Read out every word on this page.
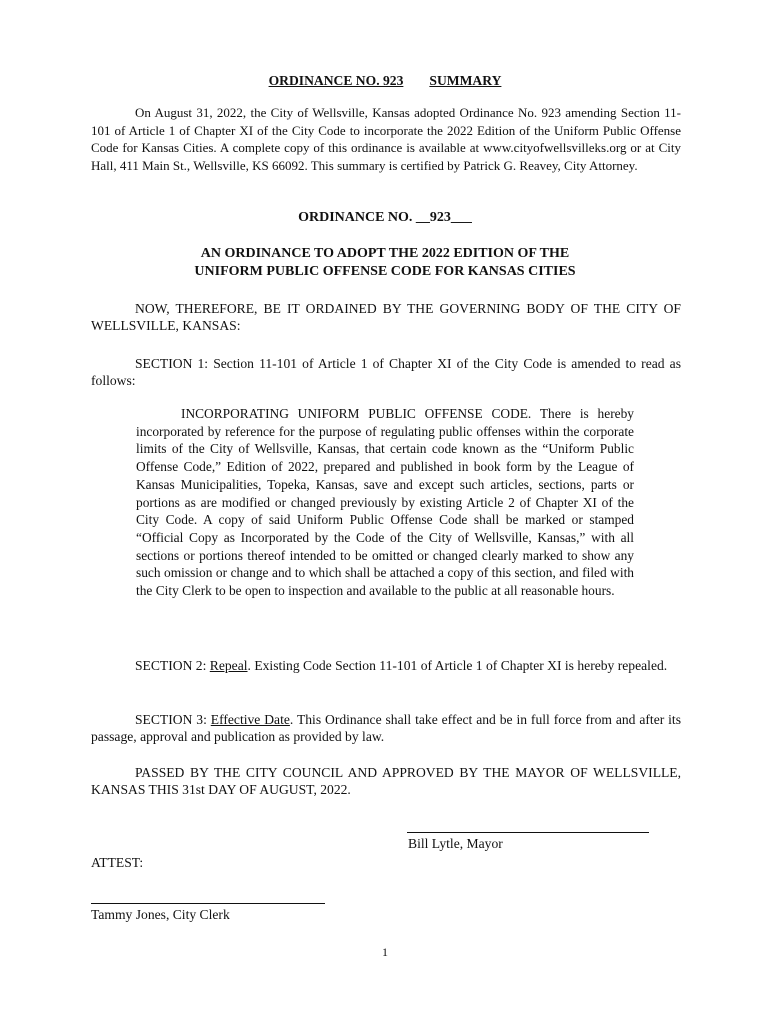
ORDINANCE NO. 923 SUMMARY
On August 31, 2022, the City of Wellsville, Kansas adopted Ordinance No. 923 amending Section 11-101 of Article 1 of Chapter XI of the City Code to incorporate the 2022 Edition of the Uniform Public Offense Code for Kansas Cities. A complete copy of this ordinance is available at www.cityofwellsvilleks.org or at City Hall, 411 Main St., Wellsville, KS 66092. This summary is certified by Patrick G. Reavey, City Attorney.
ORDINANCE NO. __923___
AN ORDINANCE TO ADOPT THE 2022 EDITION OF THE
UNIFORM PUBLIC OFFENSE CODE FOR KANSAS CITIES
NOW, THEREFORE, BE IT ORDAINED BY THE GOVERNING BODY OF THE CITY OF WELLSVILLE, KANSAS:
SECTION 1: Section 11-101 of Article 1 of Chapter XI of the City Code is amended to read as follows:
INCORPORATING UNIFORM PUBLIC OFFENSE CODE. There is hereby incorporated by reference for the purpose of regulating public offenses within the corporate limits of the City of Wellsville, Kansas, that certain code known as the “Uniform Public Offense Code,” Edition of 2022, prepared and published in book form by the League of Kansas Municipalities, Topeka, Kansas, save and except such articles, sections, parts or portions as are modified or changed previously by existing Article 2 of Chapter XI of the City Code. A copy of said Uniform Public Offense Code shall be marked or stamped “Official Copy as Incorporated by the Code of the City of Wellsville, Kansas,” with all sections or portions thereof intended to be omitted or changed clearly marked to show any such omission or change and to which shall be attached a copy of this section, and filed with the City Clerk to be open to inspection and available to the public at all reasonable hours.
SECTION 2: Repeal. Existing Code Section 11-101 of Article 1 of Chapter XI is hereby repealed.
SECTION 3: Effective Date. This Ordinance shall take effect and be in full force from and after its passage, approval and publication as provided by law.
PASSED BY THE CITY COUNCIL AND APPROVED BY THE MAYOR OF WELLSVILLE, KANSAS THIS 31st DAY OF AUGUST, 2022.
Bill Lytle, Mayor
ATTEST:
Tammy Jones, City Clerk
1
